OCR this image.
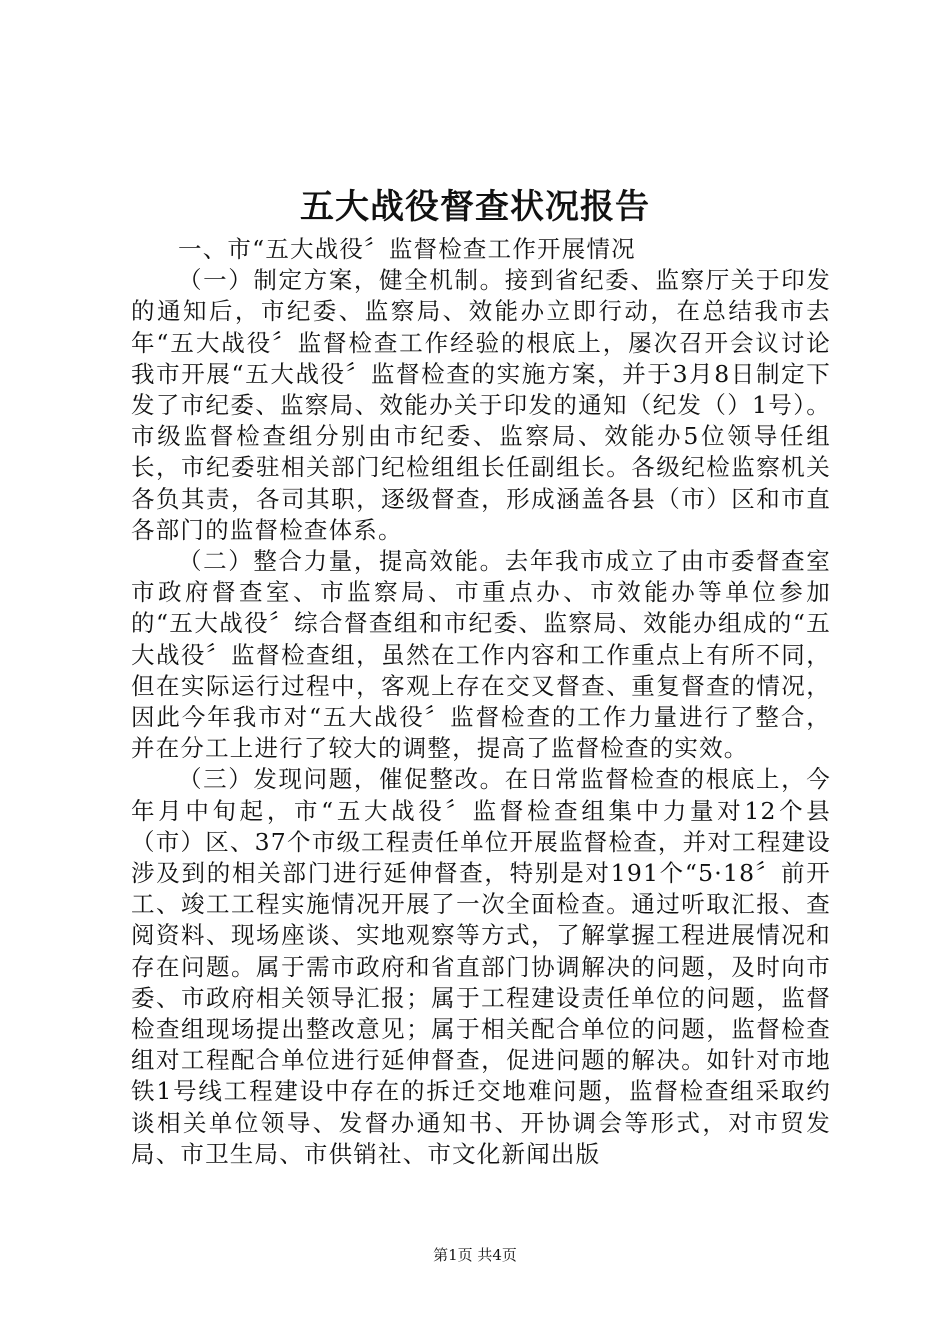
五大战役督查状况报告

一、市“五大战役〞监督检查工作开展情况

（一）制定方案，健全机制。接到省纪委、监察厅关于印发的通知后，市纪委、监察局、效能办立即行动，在总结我市去年“五大战役〞监督检查工作经验的根底上，屡次召开会议讨论我市开展“五大战役〞监督检查的实施方案，并于3月8日制定下发了市纪委、监察局、效能办关于印发的通知（纪发（）1号）。市级监督检查组分别由市纪委、监察局、效能办5位领导任组长，市纪委驻相关部门纪检组组长任副组长。各级纪检监察机关各负其责，各司其职，逐级督查，形成涵盖各县（市）区和市直各部门的监督检查体系。

（二）整合力量，提高效能。去年我市成立了由市委督查室市政府督查室、市监察局、市重点办、市效能办等单位参加的“五大战役〞综合督查组和市纪委、监察局、效能办组成的“五大战役〞监督检查组，虽然在工作内容和工作重点上有所不同，但在实际运行过程中，客观上存在交叉督查、重复督查的情况，因此今年我市对“五大战役〞监督检查的工作力量进行了整合，并在分工上进行了较大的调整，提高了监督检查的实效。

（三）发现问题，催促整改。在日常监督检查的根底上，今年月中旬起，市“五大战役〞监督检查组集中力量对12个县（市）区、37个市级工程责任单位开展监督检查，并对工程建设涉及到的相关部门进行延伸督查，特别是对191个“5·18〞前开工、竣工工程实施情况开展了一次全面检查。通过听取汇报、查阅资料、现场座谈、实地观察等方式，了解掌握工程进展情况和存在问题。属于需市政府和省直部门协调解决的问题，及时向市委、市政府相关领导汇报；属于工程建设责任单位的问题，监督检查组现场提出整改意见；属于相关配合单位的问题，监督检查组对工程配合单位进行延伸督查，促进问题的解决。如针对市地铁1号线工程建设中存在的拆迁交地难问题，监督检查组采取约谈相关单位领导、发督办通知书、开协调会等形式，对市贸发局、市卫生局、市供销社、市文化新闻出版

第1页 共4页
